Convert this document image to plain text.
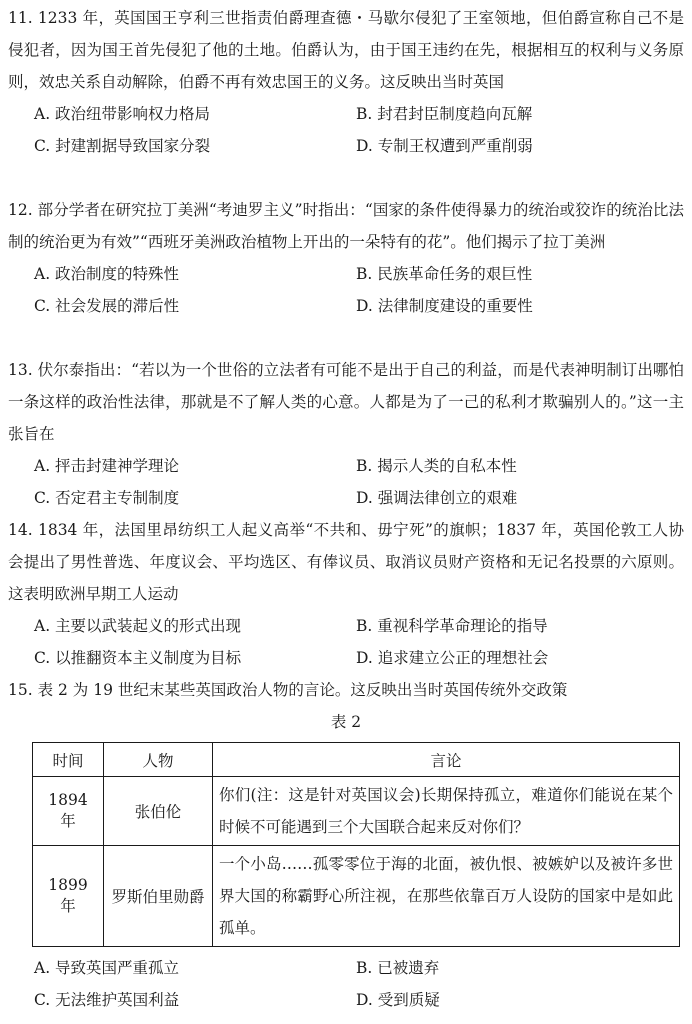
11. 1233 年，英国国王亨利三世指责伯爵理查德・马歇尔侵犯了王室领地，但伯爵宣称自己不是侵犯者，因为国王首先侵犯了他的土地。伯爵认为，由于国王违约在先，根据相互的权利与义务原则，效忠关系自动解除，伯爵不再有效忠国王的义务。这反映出当时英国

A. 政治纽带影响权力格局	B. 封君封臣制度趋向瓦解
C. 封建割据导致国家分裂	D. 专制王权遭到严重削弱

12. 部分学者在研究拉丁美洲“考迪罗主义”时指出：“国家的条件使得暴力的统治或狡诈的统治比法制的统治更为有效”“西班牙美洲政治植物上开出的一朵特有的花”。他们揭示了拉丁美洲

A. 政治制度的特殊性	B. 民族革命任务的艰巨性
C. 社会发展的滞后性	D. 法律制度建设的重要性

13. 伏尔泰指出：“若以为一个世俗的立法者有可能不是出于自己的利益，而是代表神明制订出哪怕一条这样的政治性法律，那就是不了解人类的心意。人都是为了一己的私利才欺骗别人的。”这一主张旨在

A. 抨击封建神学理论	B. 揭示人类的自私本性
C. 否定君主专制制度	D. 强调法律创立的艰难

14. 1834 年，法国里昂纺织工人起义高举“不共和、毋宁死”的旗帜；1837 年，英国伦敦工人协会提出了男性普选、年度议会、平均选区、有俸议员、取消议员财产资格和无记名投票的六原则。这表明欧洲早期工人运动

A. 主要以武装起义的形式出现	B. 重视科学革命理论的指导
C. 以推翻资本主义制度为目标	D. 追求建立公正的理想社会

15. 表 2 为 19 世纪末某些英国政治人物的言论。这反映出当时英国传统外交政策

表 2
时间	人物	言论
1894 年	张伯伦	你们(注：这是针对英国议会)长期保持孤立，难道你们能说在某个时候不可能遇到三个大国联合起来反对你们？
1899 年	罗斯伯里勋爵	一个小岛……孤零零位于海的北面，被仇恨、被嫉妒以及被许多世界大国的称霸野心所注视，在那些依靠百万人设防的国家中是如此孤单。
A. 导致英国严重孤立	B. 已被遗弃
C. 无法维护英国利益	D. 受到质疑
